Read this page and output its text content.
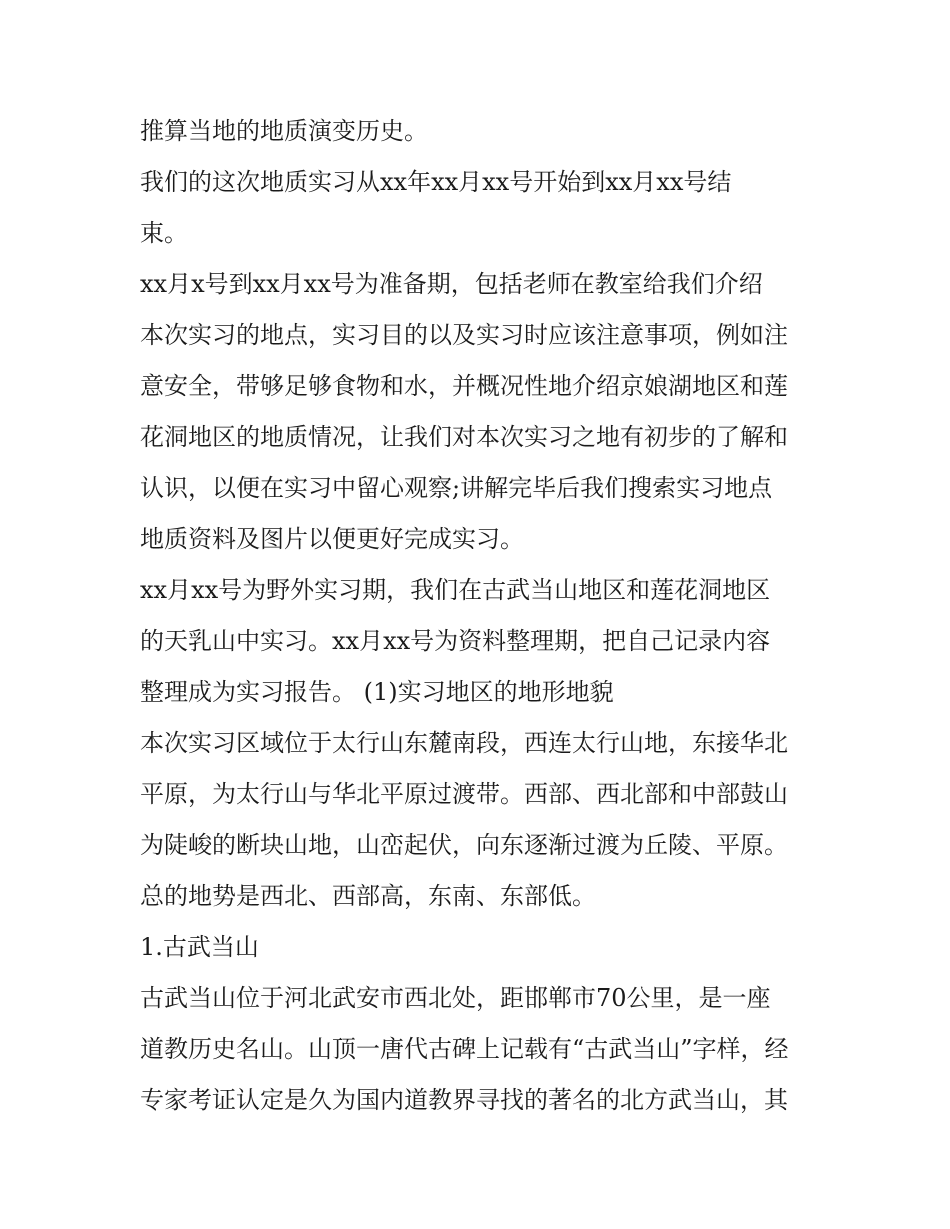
推算当地的地质演变历史。
我们的这次地质实习从xx年xx月xx号开始到xx月xx号结
束。
xx月x号到xx月xx号为准备期，包括老师在教室给我们介绍
本次实习的地点，实习目的以及实习时应该注意事项，例如注
意安全，带够足够食物和水，并概况性地介绍京娘湖地区和莲
花洞地区的地质情况，让我们对本次实习之地有初步的了解和
认识，以便在实习中留心观察;讲解完毕后我们搜索实习地点
地质资料及图片以便更好完成实习。
xx月xx号为野外实习期，我们在古武当山地区和莲花洞地区
的天乳山中实习。xx月xx号为资料整理期，把自己记录内容
整理成为实习报告。 (1)实习地区的地形地貌
本次实习区域位于太行山东麓南段，西连太行山地，东接华北
平原，为太行山与华北平原过渡带。西部、西北部和中部鼓山
为陡峻的断块山地，山峦起伏，向东逐渐过渡为丘陵、平原。
总的地势是西北、西部高，东南、东部低。
1.古武当山
古武当山位于河北武安市西北处，距邯郸市70公里，是一座
道教历史名山。山顶一唐代古碑上记载有“古武当山”字样，经
专家考证认定是久为国内道教界寻找的著名的北方武当山，其
